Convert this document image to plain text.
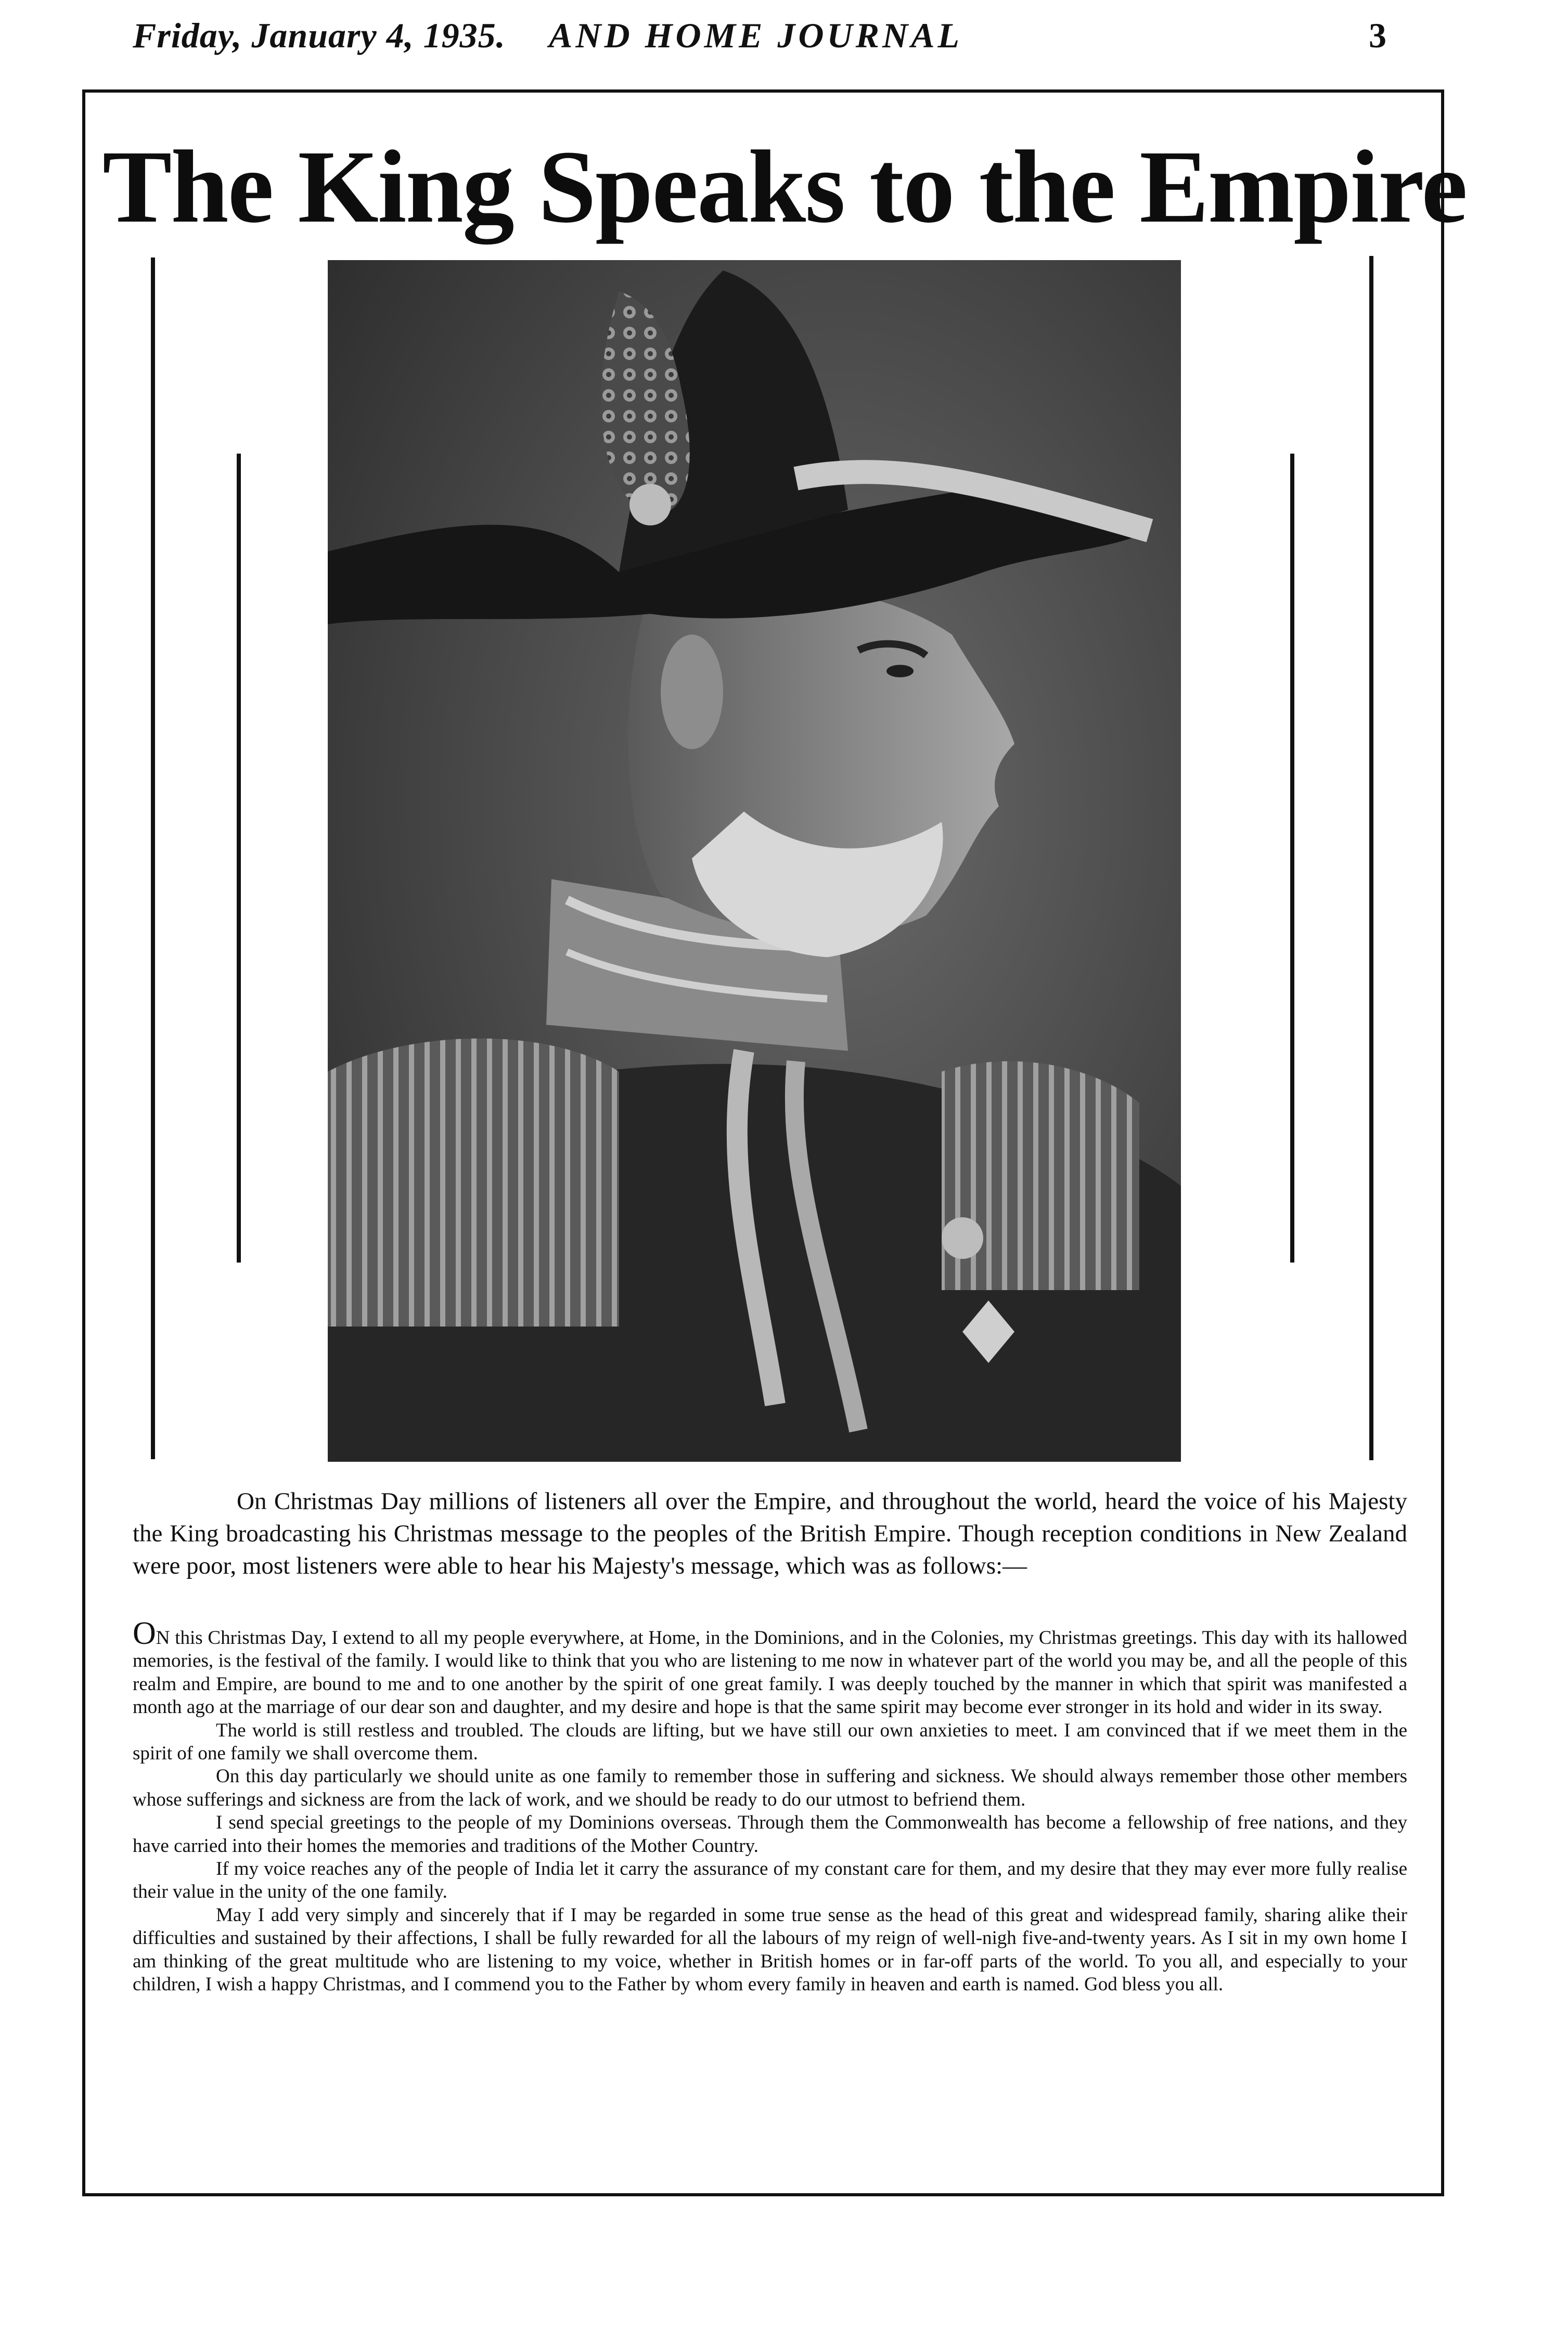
Friday, January 4, 1935. AND HOME JOURNAL	3
The King Speaks to the Empire
On Christmas Day millions of listeners all over the Empire, and throughout the world, heard the voice of his Majesty the King broadcasting his Christmas message to the peoples of the British Empire. Though reception conditions in New Zealand were poor, most listeners were able to hear his Majesty's message, which was as follows:—

ON this Christmas Day, I extend to all my people everywhere, at Home, in the Dominions, and in the Colonies, my Christmas greetings. This day with its hallowed memories, is the festival of the family. I would like to think that you who are listening to me now in whatever part of the world you may be, and all the people of this realm and Empire, are bound to me and to one another by the spirit of one great family. I was deeply touched by the manner in which that spirit was manifested a month ago at the marriage of our dear son and daughter, and my desire and hope is that the same spirit may become ever stronger in its hold and wider in its sway.

The world is still restless and troubled. The clouds are lifting, but we have still our own anxieties to meet. I am convinced that if we meet them in the spirit of one family we shall overcome them.

On this day particularly we should unite as one family to remember those in suffering and sickness. We should always remember those other members whose sufferings and sickness are from the lack of work, and we should be ready to do our utmost to befriend them.

I send special greetings to the people of my Dominions overseas. Through them the Commonwealth has become a fellowship of free nations, and they have carried into their homes the memories and traditions of the Mother Country.

If my voice reaches any of the people of India let it carry the assurance of my constant care for them, and my desire that they may ever more fully realise their value in the unity of the one family.

May I add very simply and sincerely that if I may be regarded in some true sense as the head of this great and widespread family, sharing alike their difficulties and sustained by their affections, I shall be fully rewarded for all the labours of my reign of well-nigh five-and-twenty years. As I sit in my own home I am thinking of the great multitude who are listening to my voice, whether in British homes or in far-off parts of the world. To you all, and especially to your children, I wish a happy Christmas, and I commend you to the Father by whom every family in heaven and earth is named. God bless you all.
